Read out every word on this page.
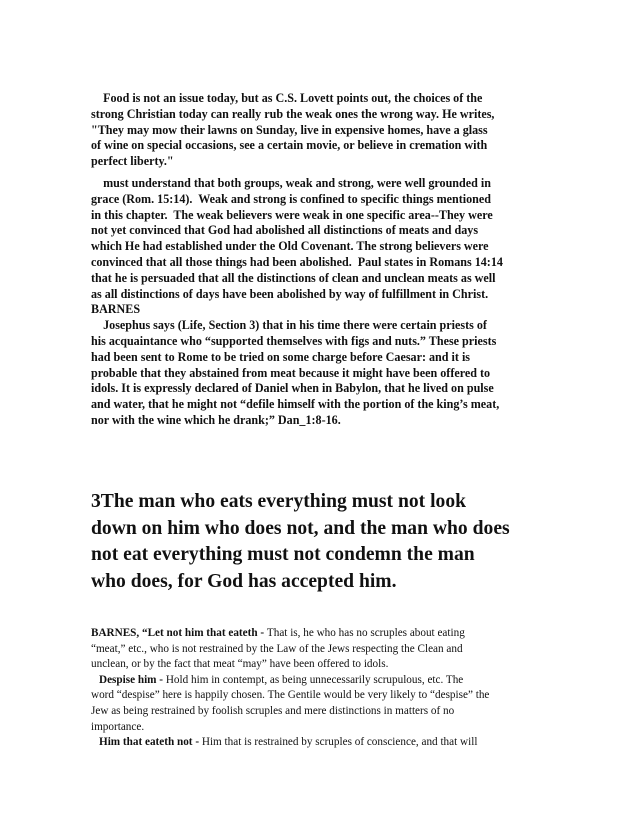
Food is not an issue today, but as C.S. Lovett points out, the choices of the
strong Christian today can really rub the weak ones the wrong way. He writes,
"They may mow their lawns on Sunday, live in expensive homes, have a glass
of wine on special occasions, see a certain movie, or believe in cremation with
perfect liberty."
must understand that both groups, weak and strong, were well grounded in
grace (Rom. 15:14).  Weak and strong is confined to specific things mentioned
in this chapter.  The weak believers were weak in one specific area--They were
not yet convinced that God had abolished all distinctions of meats and days
which He had established under the Old Covenant. The strong believers were
convinced that all those things had been abolished.  Paul states in Romans 14:14
that he is persuaded that all the distinctions of clean and unclean meats as well
as all distinctions of days have been abolished by way of fulfillment in Christ.
BARNES
Josephus says (Life, Section 3) that in his time there were certain priests of
his acquaintance who “supported themselves with figs and nuts.” These priests
had been sent to Rome to be tried on some charge before Caesar: and it is
probable that they abstained from meat because it might have been offered to
idols. It is expressly declared of Daniel when in Babylon, that he lived on pulse
and water, that he might not “defile himself with the portion of the king’s meat,
nor with the wine which he drank;” Dan_1:8-16.
3The man who eats everything must not look
down on him who does not, and the man who does
not eat everything must not condemn the man
who does, for God has accepted him.
BARNES, “Let not him that eateth - That is, he who has no scruples about eating
“meat,” etc., who is not restrained by the Law of the Jews respecting the Clean and
unclean, or by the fact that meat “may” have been offered to idols.
Despise him - Hold him in contempt, as being unnecessarily scrupulous, etc. The
word “despise” here is happily chosen. The Gentile would be very likely to “despise” the
Jew as being restrained by foolish scruples and mere distinctions in matters of no
importance.
Him that eateth not - Him that is restrained by scruples of conscience, and that will
